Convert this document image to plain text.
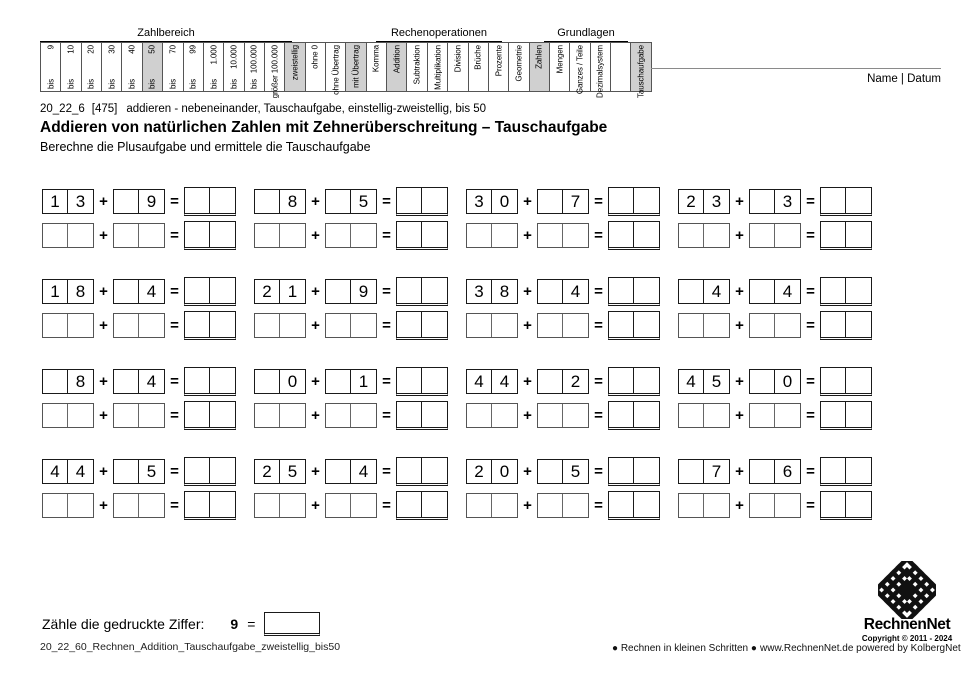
Zahlbereich	Rechenoperationen	Grundlagen
9
bis
10
bis
20
bis
30
bis
40
bis
50
bis
70
bis
99
bis
1.000
bis
10.000
bis
100.000
bis größer 100.000 zweistellig ohne 0 ohne Übertrag mit Übertrag Komma Addition Subtraktion Multiplikation Division Brüche Prozente Geometrie Zahlen Mengen Ganzes / Teile Dezimalsystem	Tauschaufgabe	Name | Datum
20_22_6 [475] addieren - nebeneinander, Tauschaufgabe, einstellig-zweistellig, bis 50
Addieren von natürlichen Zahlen mit Zehnerüberschreitung – Tauschaufgabe
Berechne die Plusaufgabe und ermittele die Tauschaufgabe
1 3 +	9 =
+	=
8 +	5 =
+	=
3 0 +	7 =
+	=
2 3 +	3 =
+	=
1 8 +	4 =
+	=
2 1 +	9 =
+	=
3 8 +	4 =
+	=
4 +	4 =
+	=
8 +	4 =
+	=
0 +	1 =
+	=
4 4 +	2 =
+	=
4 5 +	0 =
+	=
4 4 +	5 =
+	=
2 5 +	4 =
+	=
2 0 +	5 =
+	=
7 +	6 =
+	=
Zähle die gedruckte Ziffer: 9 =
20_22_60_Rechnen_Addition_Tauschaufgabe_zweistellig_bis50	● Rechnen in kleinen Schritten ● www.RechnenNet.de powered by KolbergNet
RechnenNet
Copyright © 2011 - 2024
